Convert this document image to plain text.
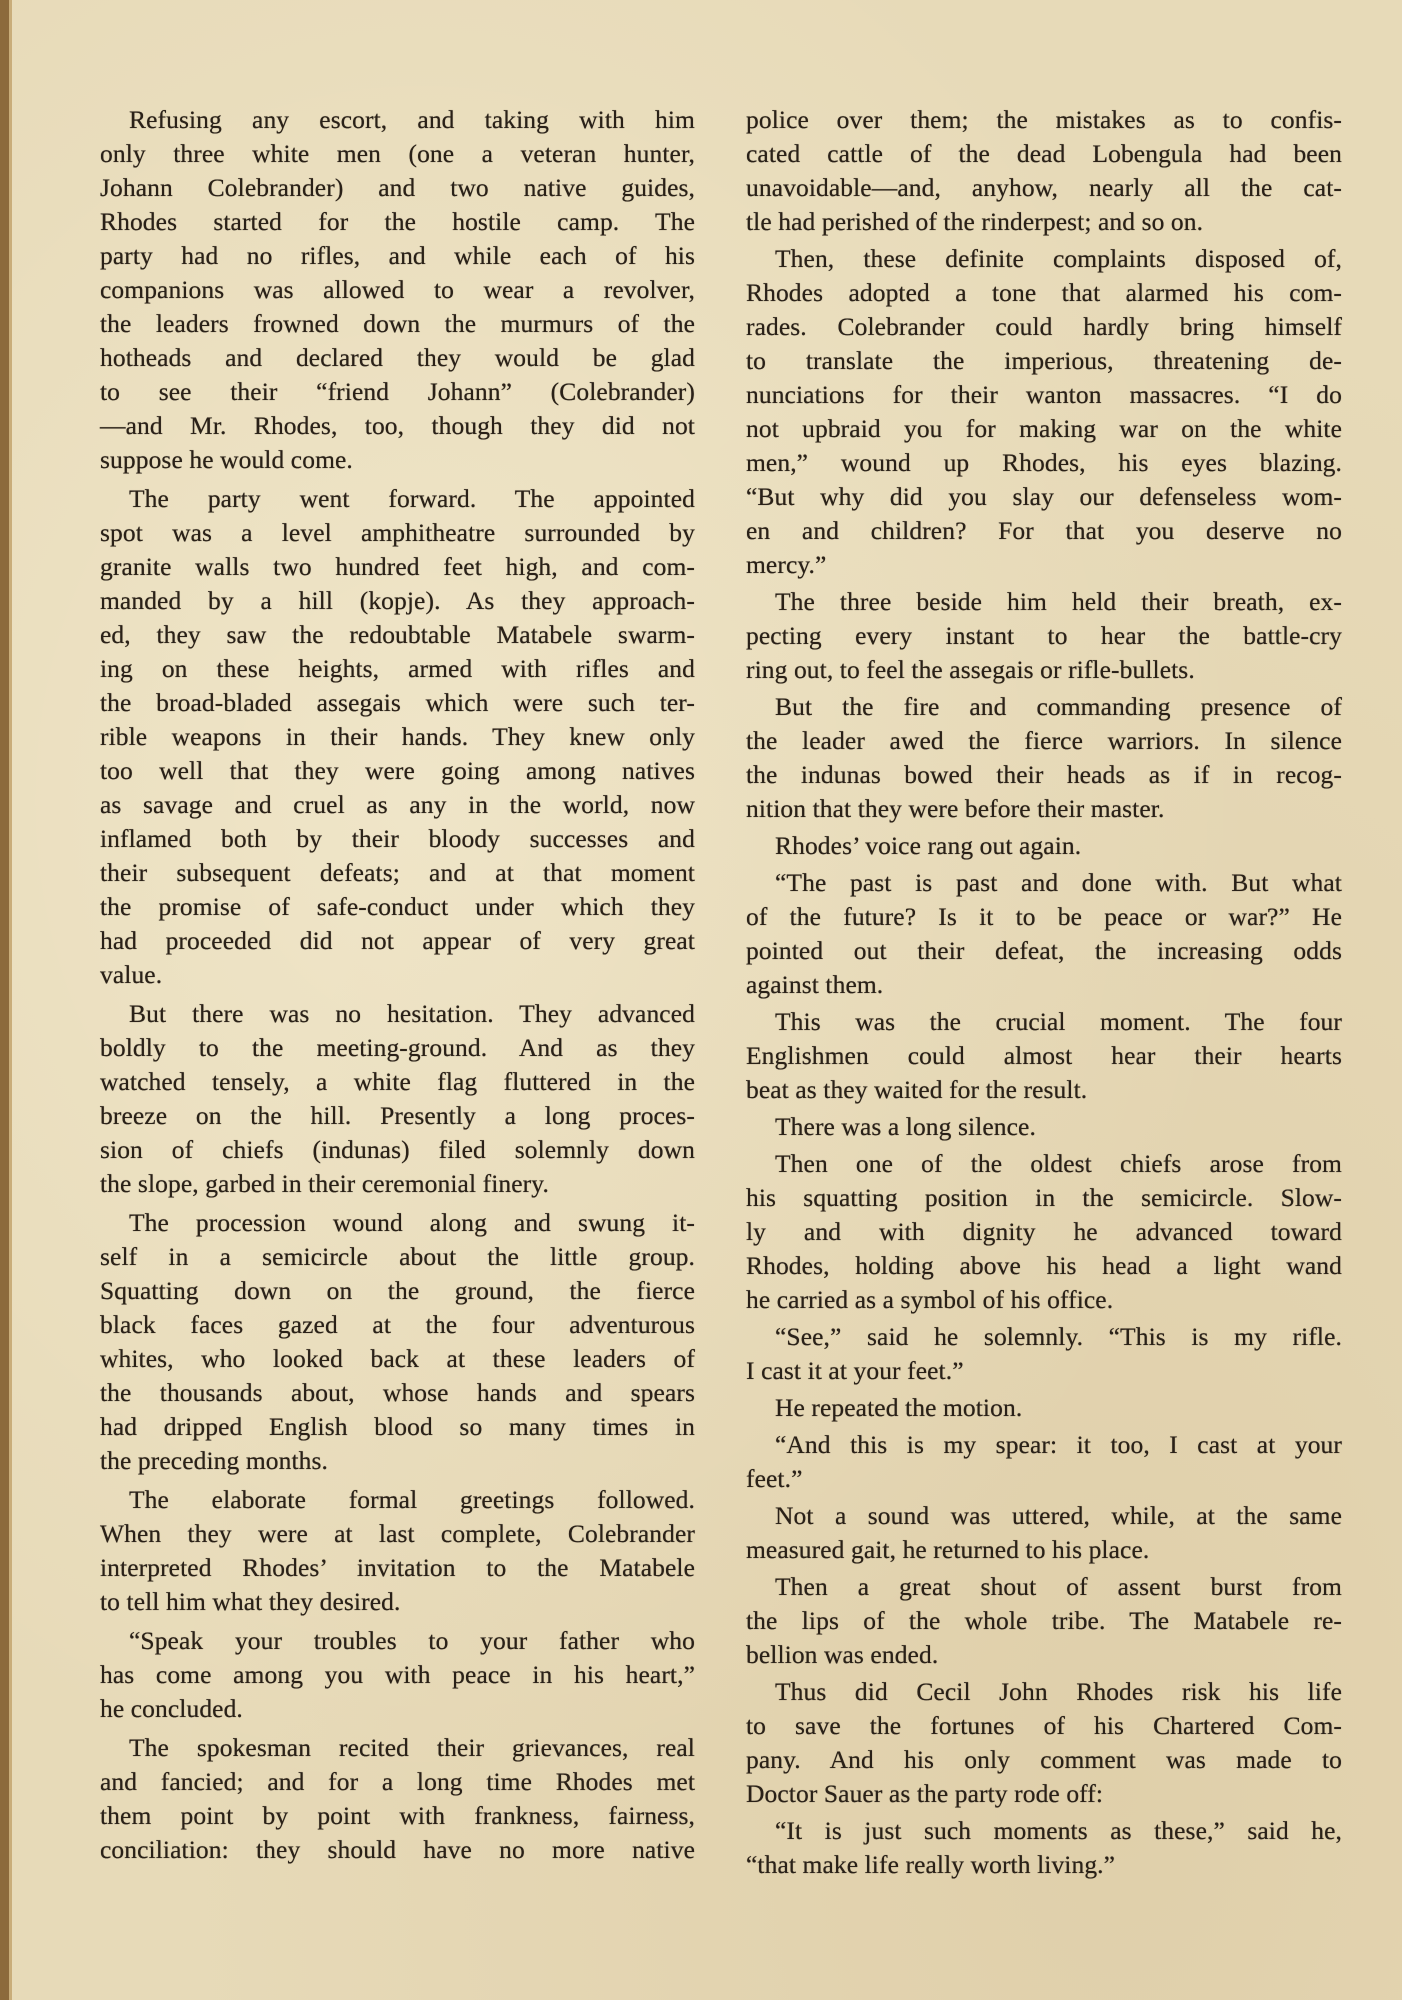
Refusing any escort, and taking with him
only three white men (one a veteran hunter,
Johann Colebrander) and two native guides,
Rhodes started for the hostile camp. The
party had no rifles, and while each of his
companions was allowed to wear a revolver,
the leaders frowned down the murmurs of the
hotheads and declared they would be glad
to see their “friend Johann” (Colebrander)
—and Mr. Rhodes, too, though they did not
suppose he would come.
The party went forward. The appointed
spot was a level amphitheatre surrounded by
granite walls two hundred feet high, and com-
manded by a hill (kopje). As they approach-
ed, they saw the redoubtable Matabele swarm-
ing on these heights, armed with rifles and
the broad-bladed assegais which were such ter-
rible weapons in their hands. They knew only
too well that they were going among natives
as savage and cruel as any in the world, now
inflamed both by their bloody successes and
their subsequent defeats; and at that moment
the promise of safe-conduct under which they
had proceeded did not appear of very great
value.
But there was no hesitation. They advanced
boldly to the meeting-ground. And as they
watched tensely, a white flag fluttered in the
breeze on the hill. Presently a long proces-
sion of chiefs (indunas) filed solemnly down
the slope, garbed in their ceremonial finery.
The procession wound along and swung it-
self in a semicircle about the little group.
Squatting down on the ground, the fierce
black faces gazed at the four adventurous
whites, who looked back at these leaders of
the thousands about, whose hands and spears
had dripped English blood so many times in
the preceding months.
The elaborate formal greetings followed.
When they were at last complete, Colebrander
interpreted Rhodes’ invitation to the Matabele
to tell him what they desired.
“Speak your troubles to your father who
has come among you with peace in his heart,”
he concluded.
The spokesman recited their grievances, real
and fancied; and for a long time Rhodes met
them point by point with frankness, fairness,
conciliation: they should have no more native
police over them; the mistakes as to confis-
cated cattle of the dead Lobengula had been
unavoidable—and, anyhow, nearly all the cat-
tle had perished of the rinderpest; and so on.
Then, these definite complaints disposed of,
Rhodes adopted a tone that alarmed his com-
rades. Colebrander could hardly bring himself
to translate the imperious, threatening de-
nunciations for their wanton massacres. “I do
not upbraid you for making war on the white
men,” wound up Rhodes, his eyes blazing.
“But why did you slay our defenseless wom-
en and children? For that you deserve no
mercy.”
The three beside him held their breath, ex-
pecting every instant to hear the battle-cry
ring out, to feel the assegais or rifle-bullets.
But the fire and commanding presence of
the leader awed the fierce warriors. In silence
the indunas bowed their heads as if in recog-
nition that they were before their master.
Rhodes’ voice rang out again.
“The past is past and done with. But what
of the future? Is it to be peace or war?” He
pointed out their defeat, the increasing odds
against them.
This was the crucial moment. The four
Englishmen could almost hear their hearts
beat as they waited for the result.
There was a long silence.
Then one of the oldest chiefs arose from
his squatting position in the semicircle. Slow-
ly and with dignity he advanced toward
Rhodes, holding above his head a light wand
he carried as a symbol of his office.
“See,” said he solemnly. “This is my rifle.
I cast it at your feet.”
He repeated the motion.
“And this is my spear: it too, I cast at your
feet.”
Not a sound was uttered, while, at the same
measured gait, he returned to his place.
Then a great shout of assent burst from
the lips of the whole tribe. The Matabele re-
bellion was ended.
Thus did Cecil John Rhodes risk his life
to save the fortunes of his Chartered Com-
pany. And his only comment was made to
Doctor Sauer as the party rode off:
“It is just such moments as these,” said he,
“that make life really worth living.”
